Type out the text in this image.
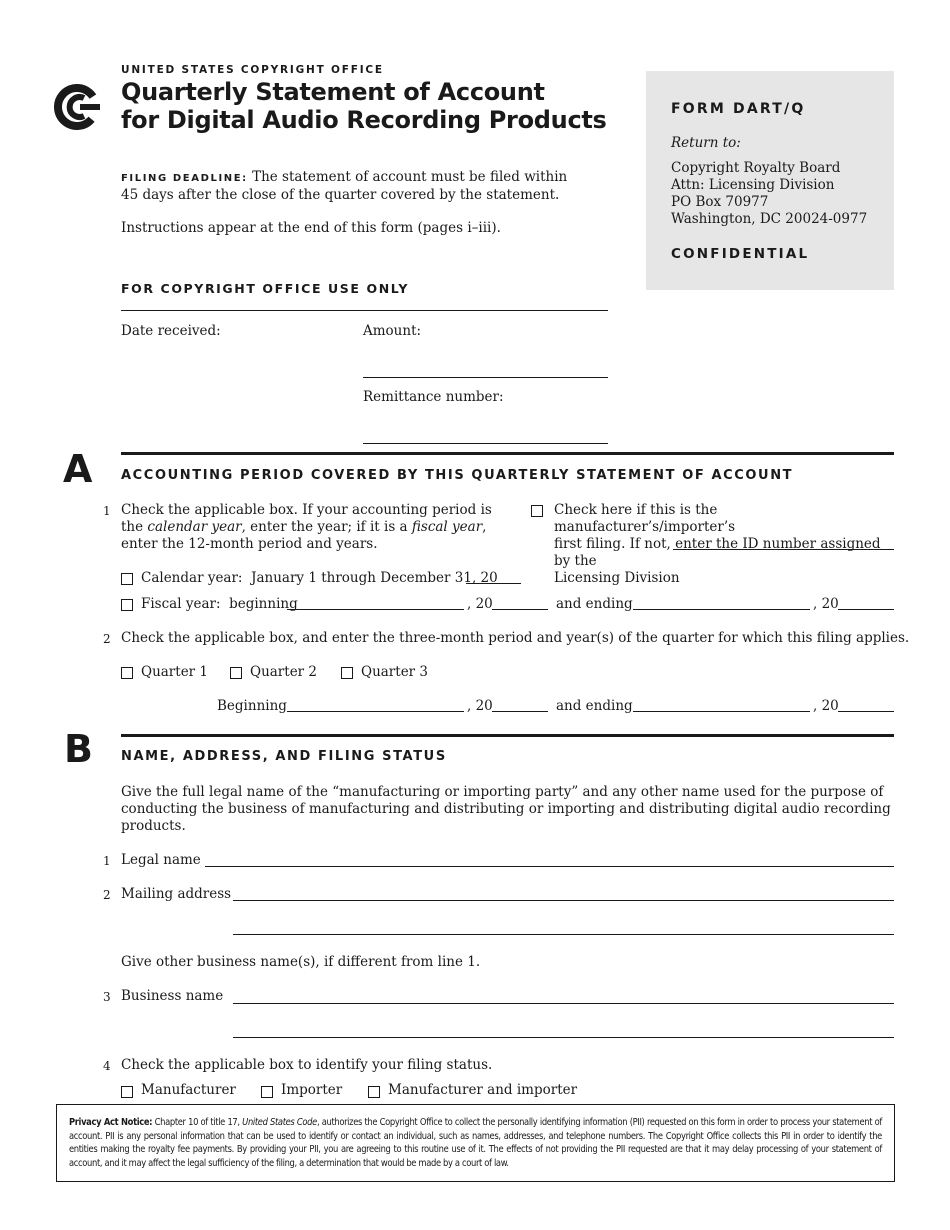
UNITED STATES COPYRIGHT OFFICE
Quarterly Statement of Account
for Digital Audio Recording Products
FILING DEADLINE: The statement of account must be filed within
45 days after the close of the quarter covered by the statement.
Instructions appear at the end of this form (pages i–iii).
FORM DART/Q
Return to:
Copyright Royalty Board
Attn: Licensing Division
PO Box 70977
Washington, DC 20024-0977
CONFIDENTIAL
FOR COPYRIGHT OFFICE USE ONLY
Date received:	Amount:
Remittance number:
A ACCOUNTING PERIOD COVERED BY THIS QUARTERLY STATEMENT OF ACCOUNT
1 Check the applicable box. If your accounting period is
the calendar year, enter the year; if it is a fiscal year,
enter the 12-month period and years.
Check here if this is the manufacturer’s/importer’s
first filing. If not, enter the ID number assigned by the
Licensing Division
Calendar year: January 1 through December 31, 20
Fiscal year: beginning	, 20	and ending	, 20
2 Check the applicable box, and enter the three-month period and year(s) of the quarter for which this filing applies.
Quarter 1	Quarter 2	Quarter 3
Beginning	, 20	and ending	, 20
B NAME, ADDRESS, AND FILING STATUS
Give the full legal name of the “manufacturing or importing party” and any other name used for the purpose of
conducting the business of manufacturing and distributing or importing and distributing digital audio recording
products.
1 Legal name
2 Mailing address
Give other business name(s), if different from line 1.
3 Business name
4 Check the applicable box to identify your filing status.
Manufacturer	Importer	Manufacturer and importer
Privacy Act Notice: Chapter 10 of title 17, United States Code, authorizes the Copyright Office to collect the personally identifying information (PII) requested on this form in order to process your statement of account. PII is any personal information that can be used to identify or contact an individual, such as names, addresses, and telephone numbers. The Copyright Office collects this PII in order to identify the entities making the royalty fee payments. By providing your PII, you are agreeing to this routine use of it. The effects of not providing the PII requested are that it may delay processing of your statement of account, and it may affect the legal sufficiency of the filing, a determination that would be made by a court of law.
